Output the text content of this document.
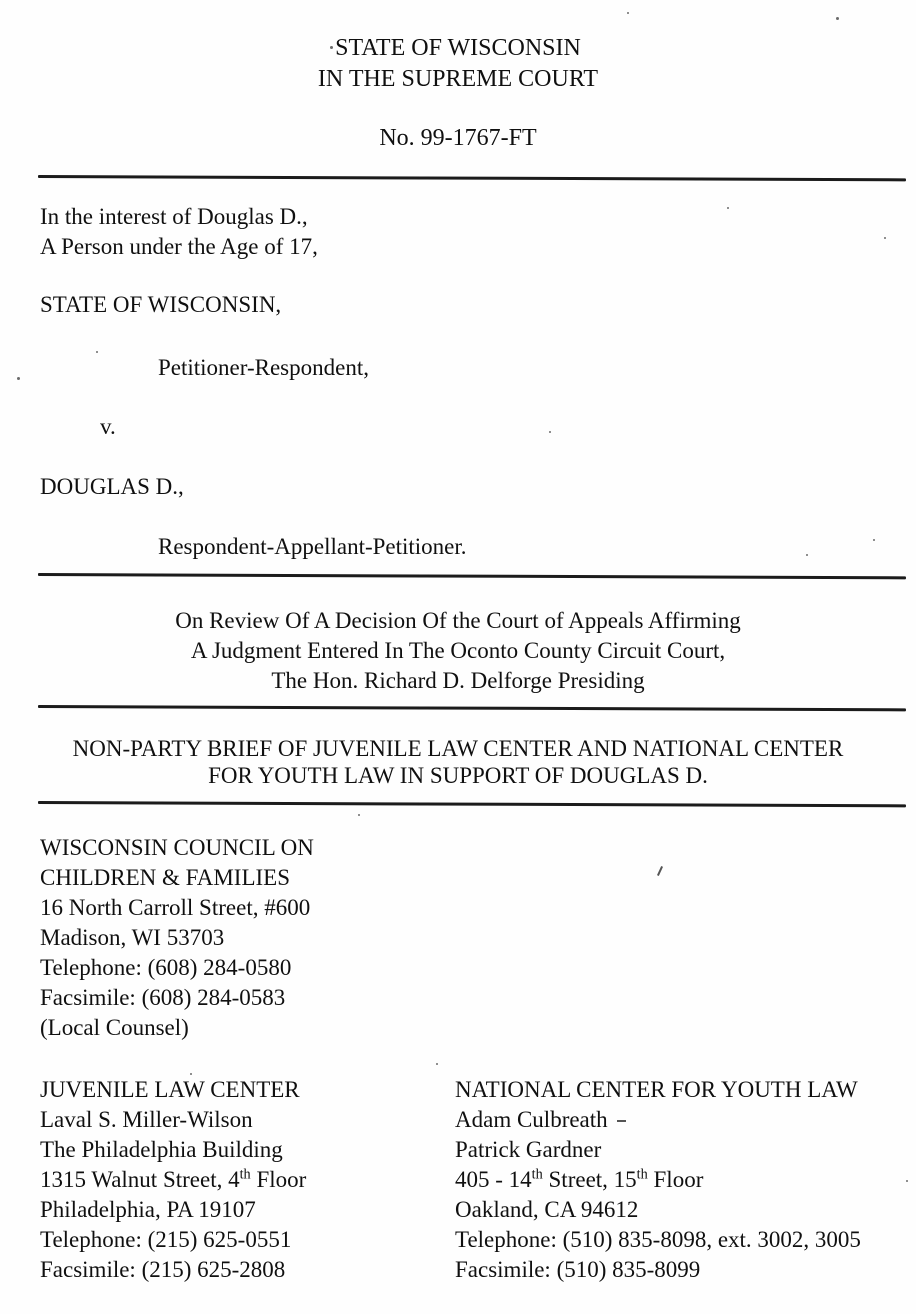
STATE OF WISCONSIN
IN THE SUPREME COURT
No. 99-1767-FT
In the interest of Douglas D.,
A Person under the Age of 17,
STATE OF WISCONSIN,
Petitioner-Respondent,
v.
DOUGLAS D.,
Respondent-Appellant-Petitioner.
On Review Of A Decision Of the Court of Appeals Affirming
A Judgment Entered In The Oconto County Circuit Court,
The Hon. Richard D. Delforge Presiding
NON-PARTY BRIEF OF JUVENILE LAW CENTER AND NATIONAL CENTER
FOR YOUTH LAW IN SUPPORT OF DOUGLAS D.
WISCONSIN COUNCIL ON
CHILDREN & FAMILIES
16 North Carroll Street, #600
Madison, WI 53703
Telephone: (608) 284-0580
Facsimile: (608) 284-0583
(Local Counsel)
JUVENILE LAW CENTER
Laval S. Miller-Wilson
The Philadelphia Building
1315 Walnut Street, 4th Floor
Philadelphia, PA 19107
Telephone: (215) 625-0551
Facsimile: (215) 625-2808
NATIONAL CENTER FOR YOUTH LAW
Adam Culbreath
Patrick Gardner
405 - 14th Street, 15th Floor
Oakland, CA 94612
Telephone: (510) 835-8098, ext. 3002, 3005
Facsimile: (510) 835-8099
